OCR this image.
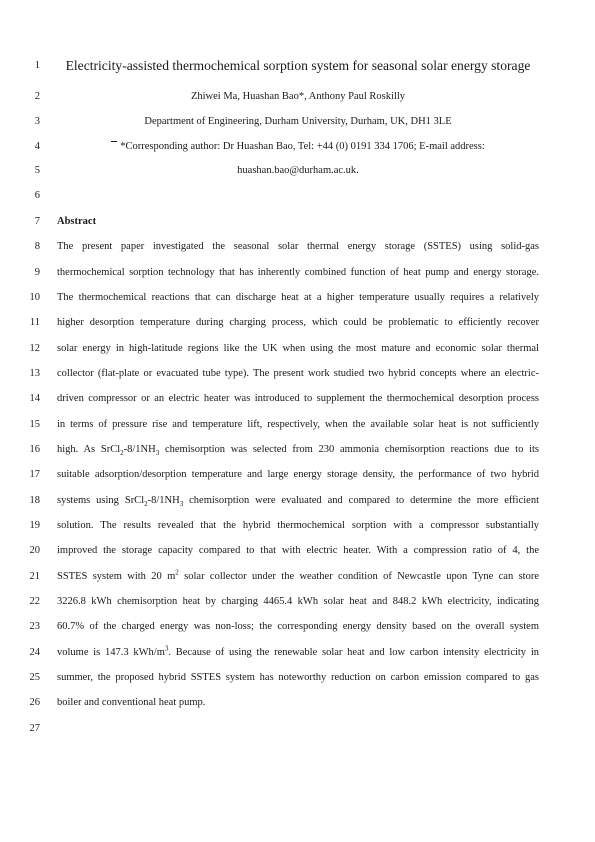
1	Electricity-assisted thermochemical sorption system for seasonal solar energy storage
2	Zhiwei Ma, Huashan Bao*, Anthony Paul Roskilly
3	Department of Engineering, Durham University, Durham, UK, DH1 3LE
4	*Corresponding author: Dr Huashan Bao, Tel: +44 (0) 0191 334 1706; E-mail address:
5	huashan.bao@durham.ac.uk.
6
7 Abstract
8 The present paper investigated the seasonal solar thermal energy storage (SSTES) using solid-gas
9 thermochemical sorption technology that has inherently combined function of heat pump and energy storage.
10 The thermochemical reactions that can discharge heat at a higher temperature usually requires a relatively
11 higher desorption temperature during charging process, which could be problematic to efficiently recover
12 solar energy in high-latitude regions like the UK when using the most mature and economic solar thermal
13 collector (flat-plate or evacuated tube type). The present work studied two hybrid concepts where an electric-
14 driven compressor or an electric heater was introduced to supplement the thermochemical desorption process
15 in terms of pressure rise and temperature lift, respectively, when the available solar heat is not sufficiently
16 high. As $SrCl_2-8/1NH_3$ chemisorption was selected from 230 ammonia chemisorption reactions due to its
17 suitable adsorption/desorption temperature and large energy storage density, the performance of two hybrid
18 systems using $SrCl_2-8/1NH_3$ chemisorption were evaluated and compared to determine the more efficient
19 solution. The results revealed that the hybrid thermochemical sorption with a compressor substantially
20 improved the storage capacity compared to that with electric heater. With a compression ratio of 4, the
21 SSTES system with 20 $m^2$ solar collector under the weather condition of Newcastle upon Tyne can store
22 3226.8 kWh chemisorption heat by charging 4465.4 kWh solar heat and 848.2 kWh electricity, indicating
23 60.7% of the charged energy was non-loss; the corresponding energy density based on the overall system
24 volume is 147.3 kWh/$m^3$. Because of using the renewable solar heat and low carbon intensity electricity in
25 summer, the proposed hybrid SSTES system has noteworthy reduction on carbon emission compared to gas
26 boiler and conventional heat pump.
27
